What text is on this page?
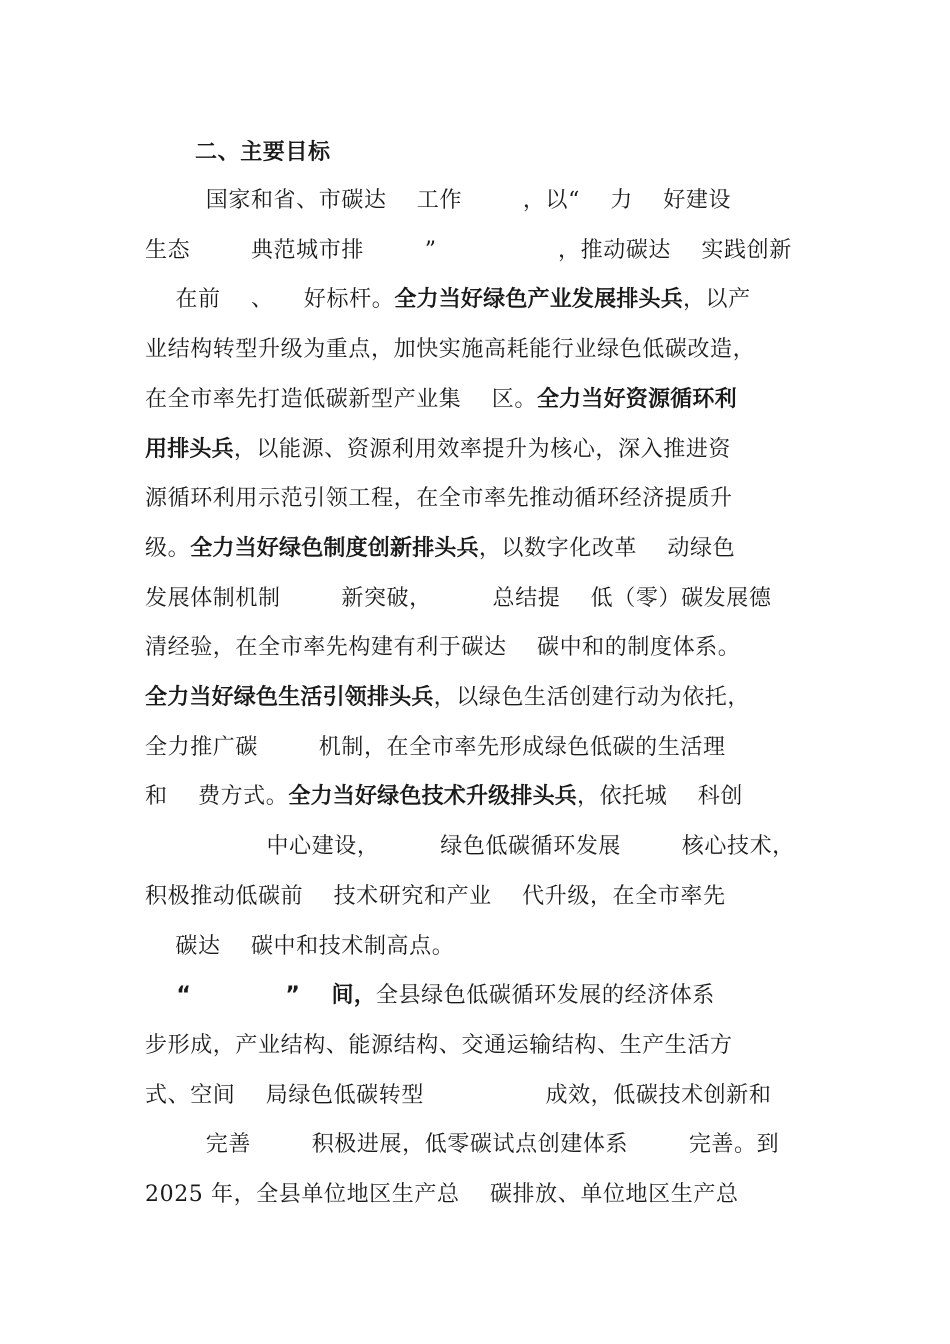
二、主要目标
国家和省、市碳达    工作        ，以“    力    好建设
生态        典范城市排        ”                ，推动碳达    实践创新
在前    、    好标杆。全力当好绿色产业发展排头兵，以产
业结构转型升级为重点，加快实施高耗能行业绿色低碳改造，
在全市率先打造低碳新型产业集    区。全力当好资源循环利
用排头兵，以能源、资源利用效率提升为核心，深入推进资
源循环利用示范引领工程，在全市率先推动循环经济提质升
级。全力当好绿色制度创新排头兵，以数字化改革    动绿色
发展体制机制        新突破，        总结提    低（零）碳发展德
清经验，在全市率先构建有利于碳达    碳中和的制度体系。
全力当好绿色生活引领排头兵，以绿色生活创建行动为依托，
全力推广碳        机制，在全市率先形成绿色低碳的生活理
和    费方式。全力当好绿色技术升级排头兵，依托城    科创
中心建设，        绿色低碳循环发展        核心技术，
积极推动低碳前    技术研究和产业    代升级，在全市率先
碳达    碳中和技术制高点。
“            ”    间，全县绿色低碳循环发展的经济体系
步形成，产业结构、能源结构、交通运输结构、生产生活方
式、空间    局绿色低碳转型                成效，低碳技术创新和
完善        积极进展，低零碳试点创建体系        完善。到
2025 年，全县单位地区生产总    碳排放、单位地区生产总
